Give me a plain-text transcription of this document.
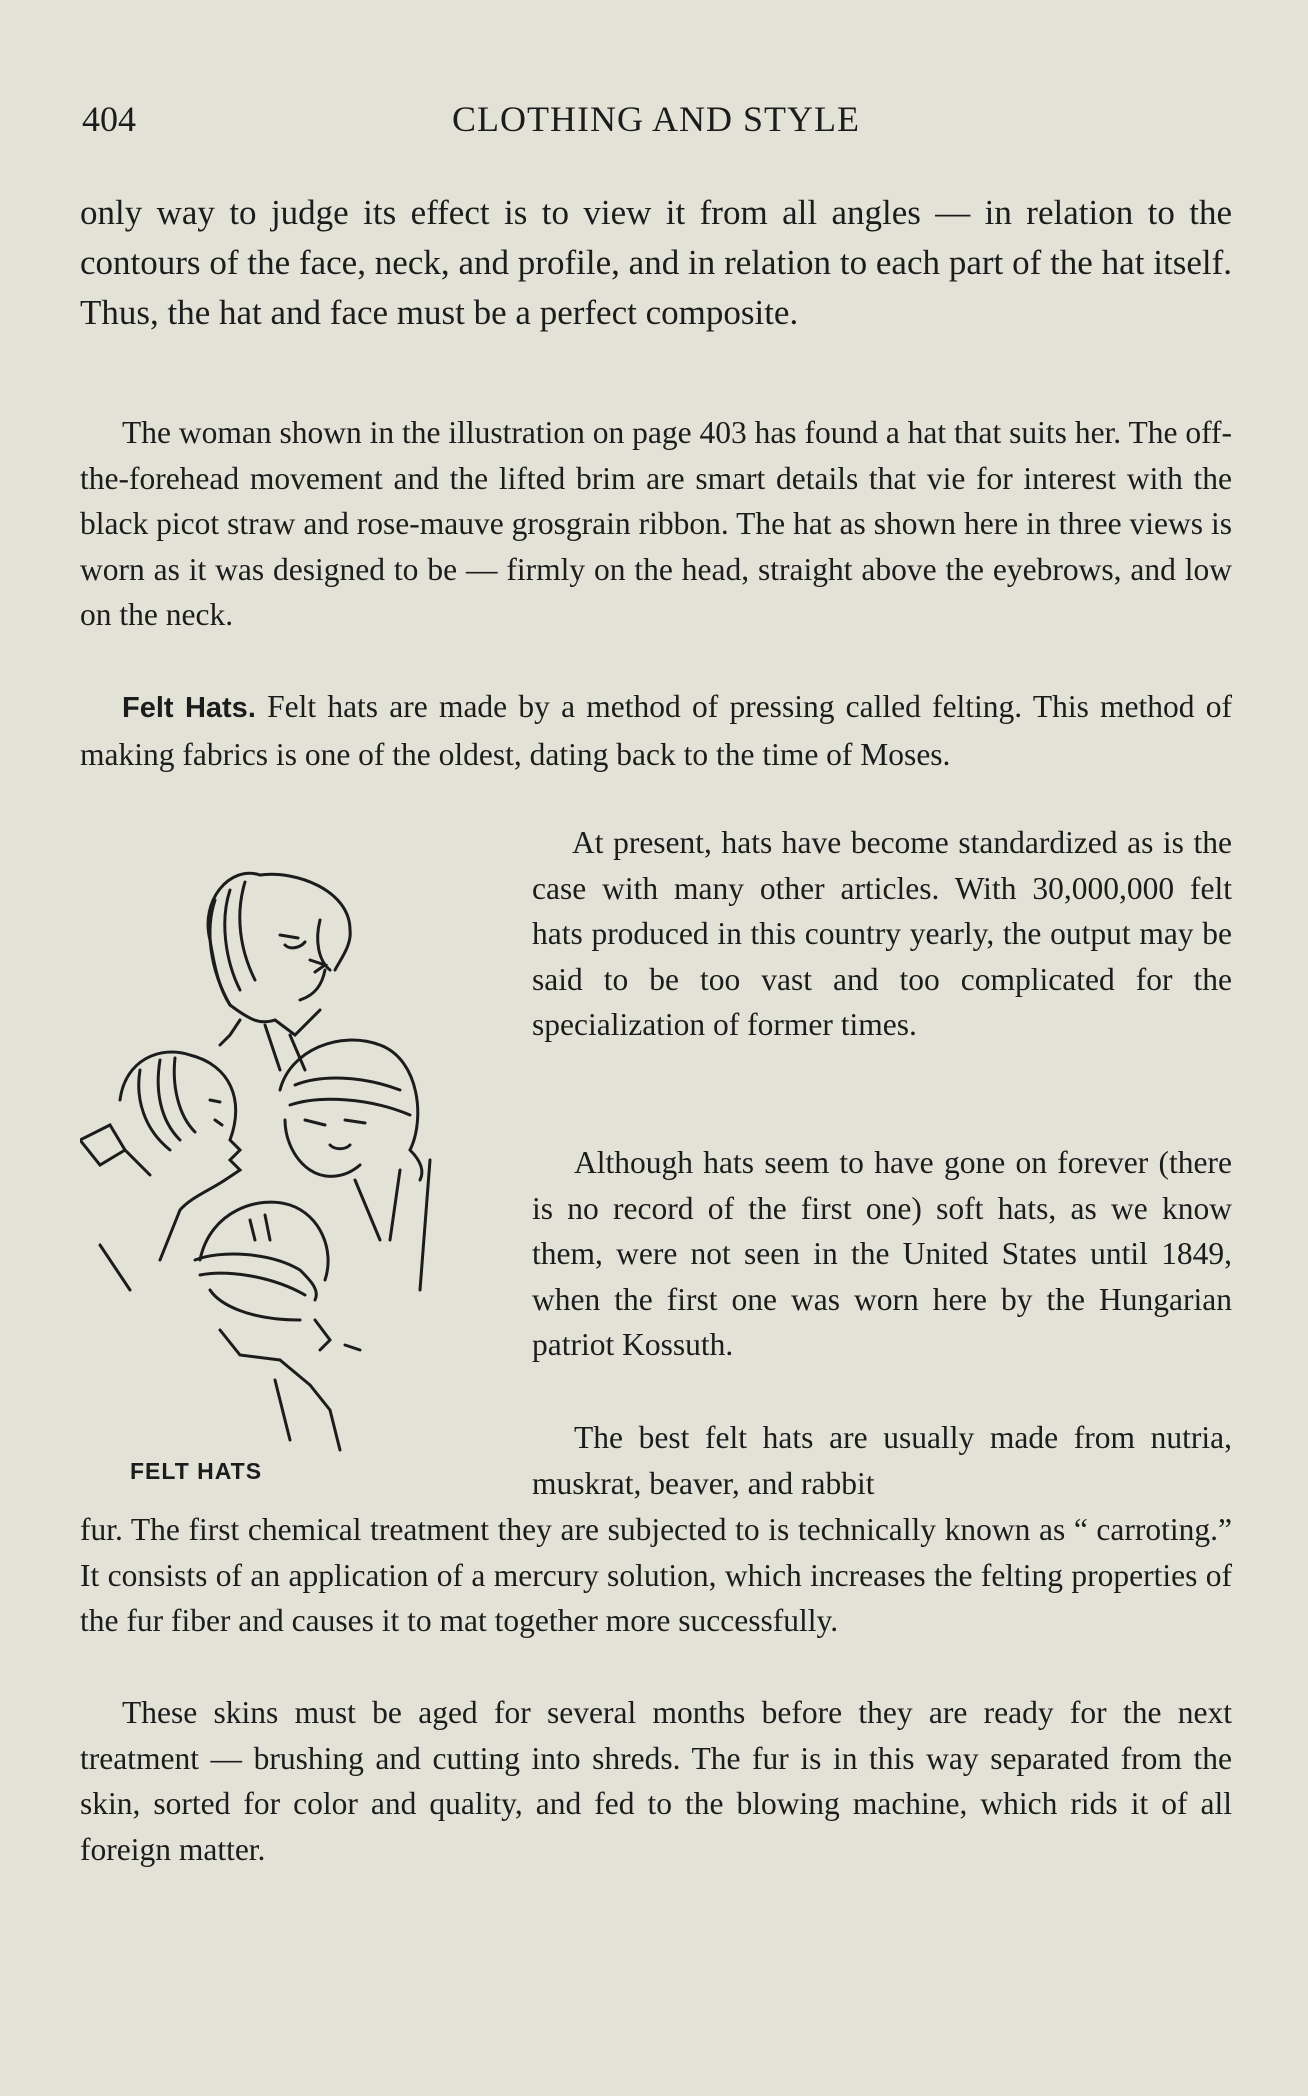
404	CLOTHING AND STYLE

only way to judge its effect is to view it from all angles — in relation to the contours of the face, neck, and profile, and in relation to each part of the hat itself. Thus, the hat and face must be a perfect composite.

The woman shown in the illustration on page 403 has found a hat that suits her. The off-the-forehead movement and the lifted brim are smart details that vie for interest with the black picot straw and rose-mauve grosgrain ribbon. The hat as shown here in three views is worn as it was designed to be — firmly on the head, straight above the eyebrows, and low on the neck.

Felt Hats. Felt hats are made by a method of pressing called felting. This method of making fabrics is one of the oldest, dating back to the time of Moses.

At present, hats have become standardized as is the case with many other articles. With 30,000,000 felt hats produced in this country yearly, the output may be said to be too vast and too complicated for the specialization of former times.

Although hats seem to have gone on forever (there is no record of the first one) soft hats, as we know them, were not seen in the United States until 1849, when the first one was worn here by the Hungarian patriot Kossuth.

The best felt hats are usually made from nutria, muskrat, beaver, and rabbit

FELT HATS

fur. The first chemical treatment they are subjected to is technically known as “ carroting.” It consists of an application of a mercury solution, which increases the felting properties of the fur fiber and causes it to mat together more successfully.

These skins must be aged for several months before they are ready for the next treatment — brushing and cutting into shreds. The fur is in this way separated from the skin, sorted for color and quality, and fed to the blowing machine, which rids it of all foreign matter.
